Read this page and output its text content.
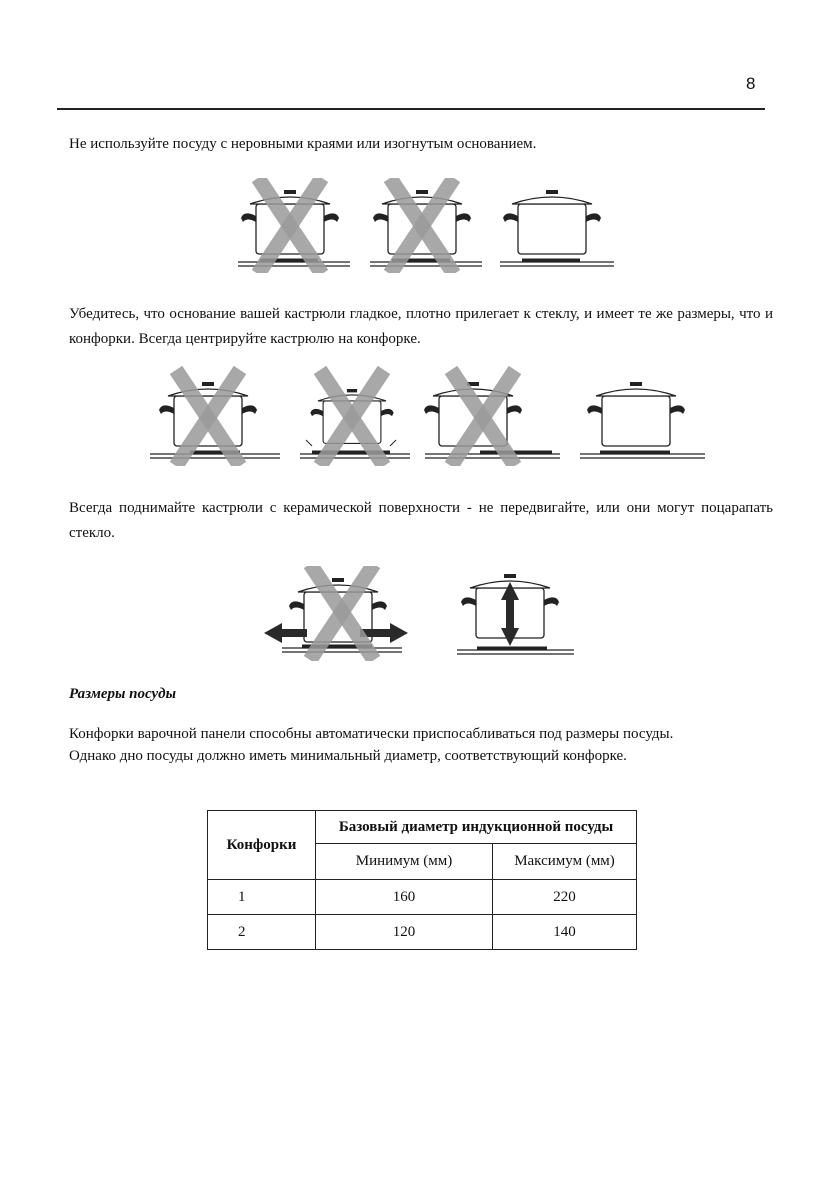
8

Не используйте посуду с неровными краями или изогнутым основанием.

Убедитесь, что основание вашей кастрюли гладкое, плотно прилегает к стеклу, и имеет те же размеры, что и конфорки. Всегда центрируйте кастрюлю на конфорке.

Всегда поднимайте кастрюли с керамической поверхности - не передвигайте, или они могут поцарапать стекло.

Размеры посуды

Конфорки варочной панели способны автоматически приспосабливаться под размеры посуды.

Однако дно посуды должно иметь минимальный диаметр, соответствующий конфорке.

Конфорки	Базовый диаметр индукционной посуды	
	Минимум (мм)	Максимум (мм)
1	160	220
2	120	140
